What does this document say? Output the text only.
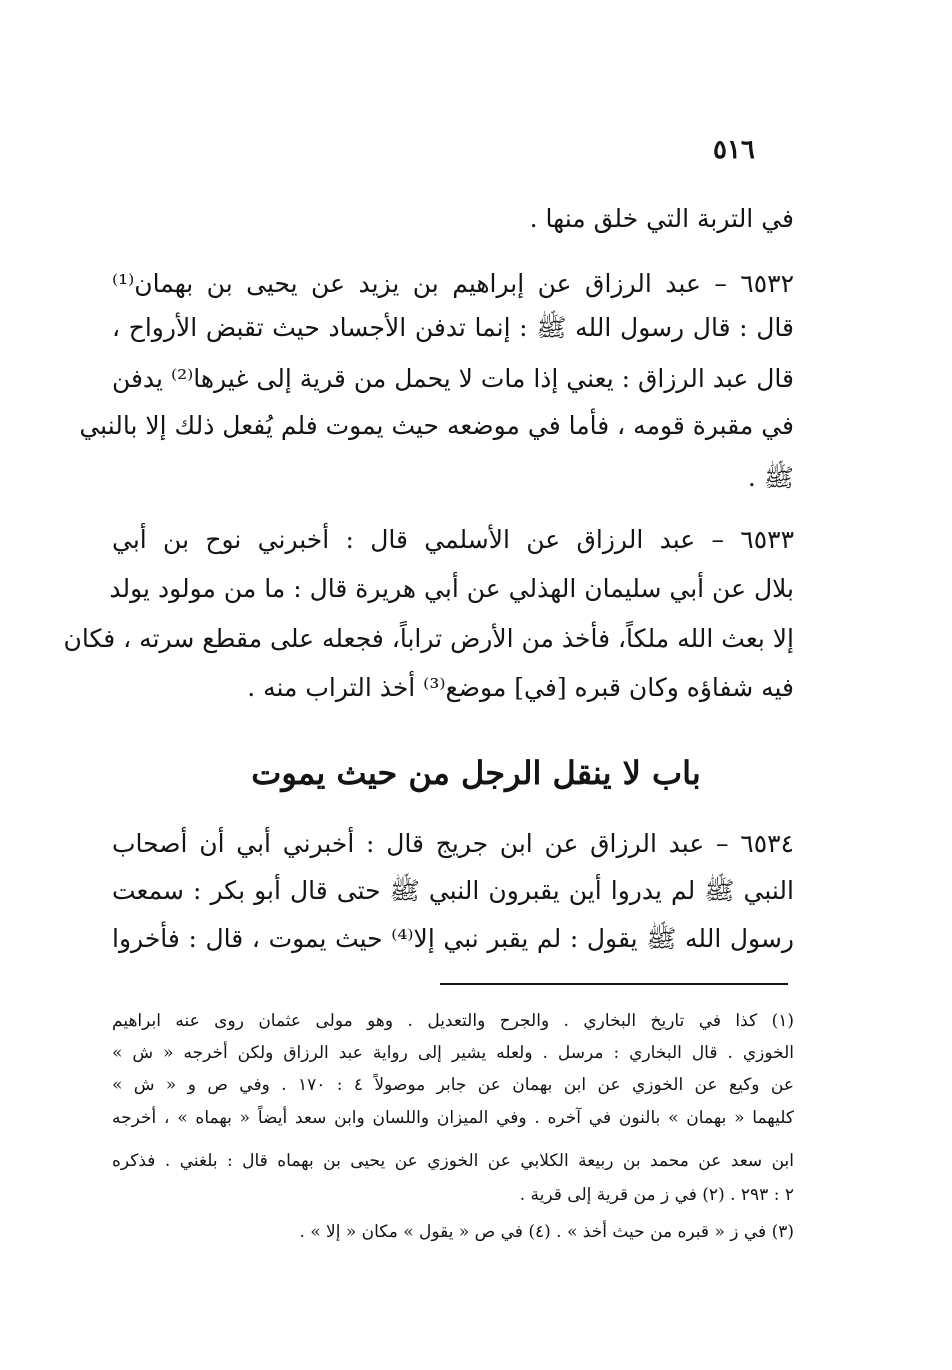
٥١٦
في التربة التي خلق منها .
٦٥٣٢ – عبد الرزاق عن إبراهيم بن يزيد عن يحيى بن بهمان⁽¹⁾
قال : قال رسول الله ﷺ : إنما تدفن الأجساد حيث تقبض الأرواح ،
قال عبد الرزاق : يعني إذا مات لا يحمل من قرية إلى غيرها⁽²⁾ يدفن
في مقبرة قومه ، فأما في موضعه حيث يموت فلم يُفعل ذلك إلا بالنبي
ﷺ .
٦٥٣٣ – عبد الرزاق عن الأسلمي قال : أخبرني نوح بن أبي
بلال عن أبي سليمان الهذلي عن أبي هريرة قال : ما من مولود يولد
إلا بعث الله ملكاً، فأخذ من الأرض تراباً، فجعله على مقطع سرته ، فكان
فيه شفاؤه وكان قبره [في] موضع⁽³⁾ أخذ التراب منه .
باب لا ينقل الرجل من حيث يموت
٦٥٣٤ – عبد الرزاق عن ابن جريج قال : أخبرني أبي أن أصحاب
النبي ﷺ لم يدروا أين يقبرون النبي ﷺ حتى قال أبو بكر : سمعت
رسول الله ﷺ يقول : لم يقبر نبي إلا⁽⁴⁾ حيث يموت ، قال : فأخروا
(١) كذا في تاريخ البخاري . والجرح والتعديل . وهو مولى عثمان روى عنه ابراهيم
الخوزي . قال البخاري : مرسل . ولعله يشير إلى رواية عبد الرزاق ولكن أخرجه « ش »
عن وكيع عن الخوزي عن ابن بهمان عن جابر موصولاً ٤ : ١٧٠ . وفي ص و « ش »
كليهما « بهمان » بالنون في آخره . وفي الميزان واللسان وابن سعد أيضاً « بهماه » ، أخرجه
ابن سعد عن محمد بن ربيعة الكلابي عن الخوزي عن يحيى بن بهماه قال : بلغني . فذكره
٢ : ٢٩٣ . (٢) في ز من قرية إلى قرية .
(٣) في ز « قبره من حيث أخذ » . (٤) في ص « يقول » مكان « إلا » .
